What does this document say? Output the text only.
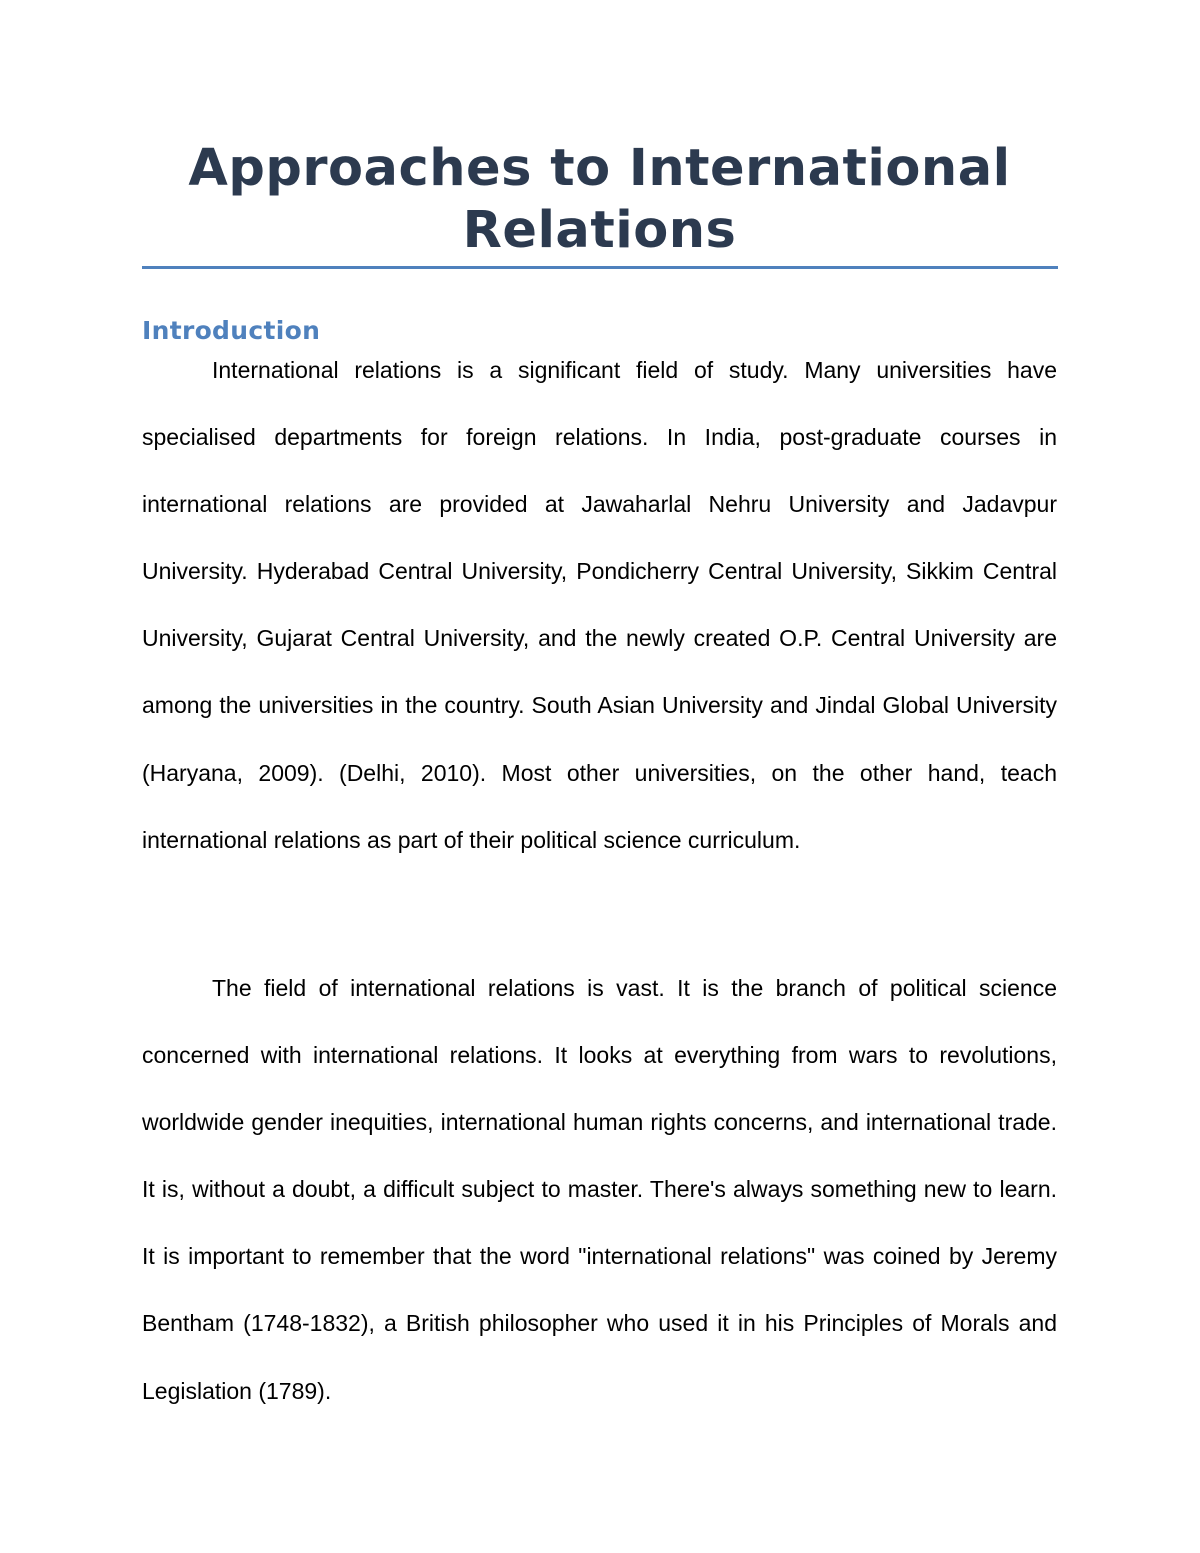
Approaches to International Relations
Introduction

International relations is a significant field of study. Many universities have specialised departments for foreign relations. In India, post-graduate courses in international relations are provided at Jawaharlal Nehru University and Jadavpur University. Hyderabad Central University, Pondicherry Central University, Sikkim Central University, Gujarat Central University, and the newly created O.P. Central University are among the universities in the country. South Asian University and Jindal Global University (Haryana, 2009). (Delhi, 2010). Most other universities, on the other hand, teach international relations as part of their political science curriculum.

The field of international relations is vast. It is the branch of political science concerned with international relations. It looks at everything from wars to revolutions, worldwide gender inequities, international human rights concerns, and international trade. It is, without a doubt, a difficult subject to master. There's always something new to learn. It is important to remember that the word "international relations" was coined by Jeremy Bentham (1748-1832), a British philosopher who used it in his Principles of Morals and Legislation (1789).
